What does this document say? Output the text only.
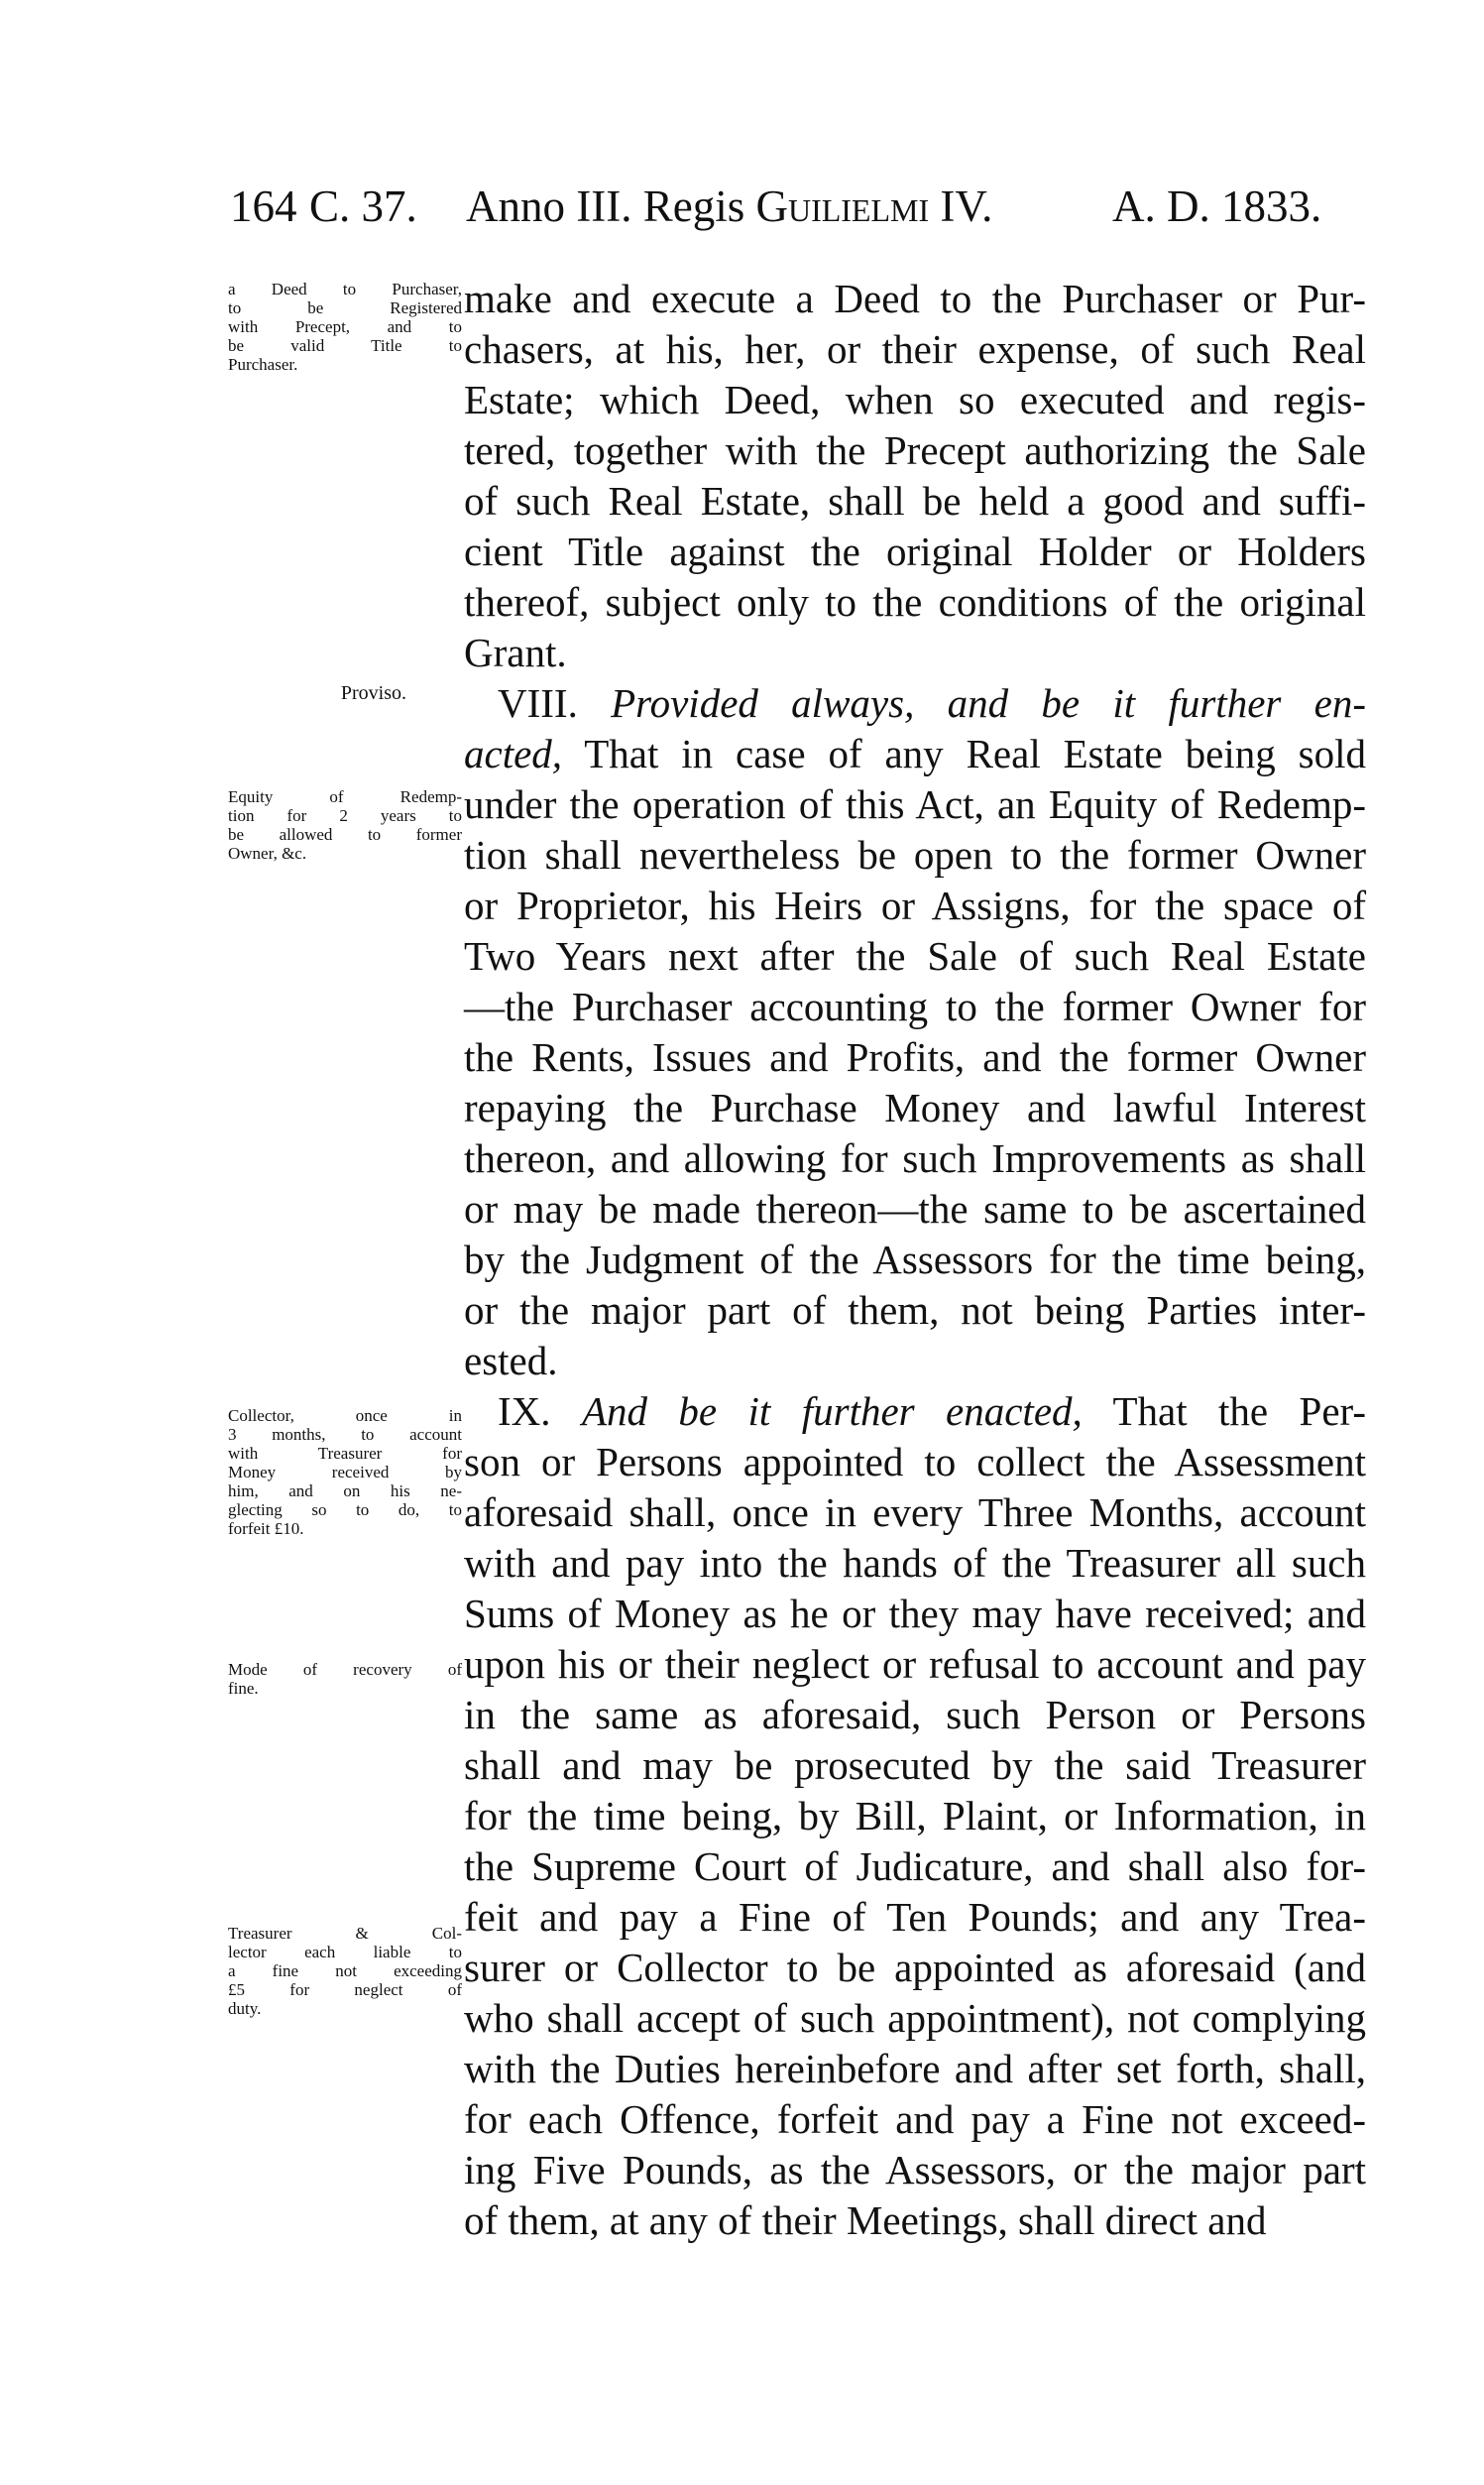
164 C. 37. Anno III. Regis Guilielmi IV.	A. D. 1833.
a Deed to Purchaser,
to be Registered
with Precept, and to
be valid Title to
Purchaser.
Proviso.
Equity of Redemp-
tion for 2 years to
be allowed to former
Owner, &c.
Collector, once in
3 months, to account
with Treasurer for
Money received by
him, and on his ne-
glecting so to do, to
forfeit £10.
Mode of recovery of
fine.
Treasurer & Col-
lector each liable to
a fine not exceeding
£5 for neglect of
duty.
make and execute a Deed to the Purchaser or Pur-
chasers, at his, her, or their expense, of such Real
Estate; which Deed, when so executed and regis-
tered, together with the Precept authorizing the Sale
of such Real Estate, shall be held a good and suffi-
cient Title against the original Holder or Holders
thereof, subject only to the conditions of the original
Grant.
VIII. Provided always, and be it further en-
acted, That in case of any Real Estate being sold
under the operation of this Act, an Equity of Redemp-
tion shall nevertheless be open to the former Owner
or Proprietor, his Heirs or Assigns, for the space of
Two Years next after the Sale of such Real Estate
—the Purchaser accounting to the former Owner for
the Rents, Issues and Profits, and the former Owner
repaying the Purchase Money and lawful Interest
thereon, and allowing for such Improvements as shall
or may be made thereon—the same to be ascertained
by the Judgment of the Assessors for the time being,
or the major part of them, not being Parties inter-
ested.
IX. And be it further enacted, That the Per-
son or Persons appointed to collect the Assessment
aforesaid shall, once in every Three Months, account
with and pay into the hands of the Treasurer all such
Sums of Money as he or they may have received; and
upon his or their neglect or refusal to account and pay
in the same as aforesaid, such Person or Persons
shall and may be prosecuted by the said Treasurer
for the time being, by Bill, Plaint, or Information, in
the Supreme Court of Judicature, and shall also for-
feit and pay a Fine of Ten Pounds; and any Trea-
surer or Collector to be appointed as aforesaid (and
who shall accept of such appointment), not complying
with the Duties hereinbefore and after set forth, shall,
for each Offence, forfeit and pay a Fine not exceed-
ing Five Pounds, as the Assessors, or the major part
of them, at any of their Meetings, shall direct and
